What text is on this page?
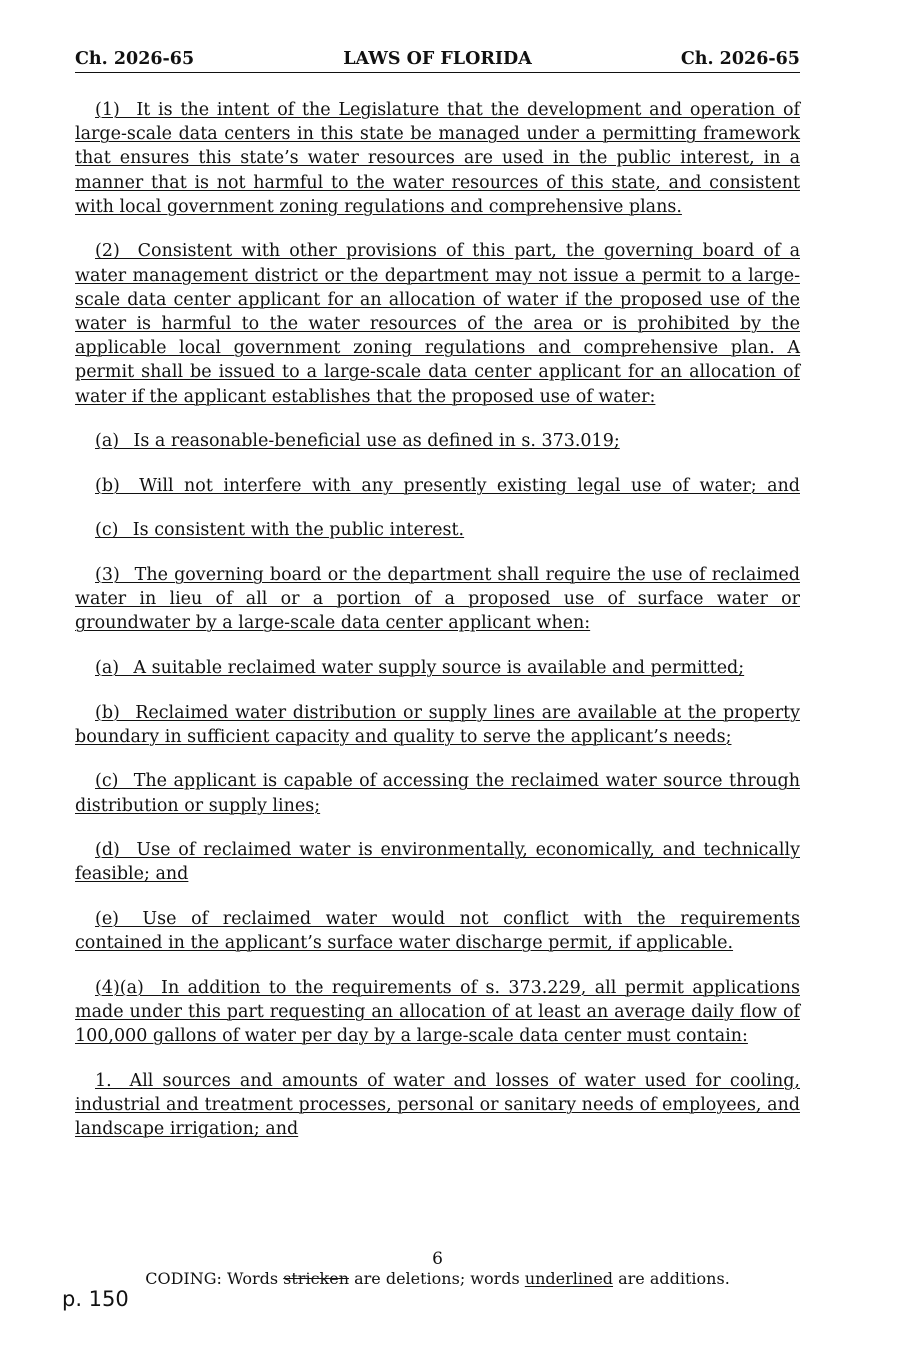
Ch. 2026-65	LAWS OF FLORIDA	Ch. 2026-65

(1)  It is the intent of the Legislature that the development and operation of large-scale data centers in this state be managed under a permitting framework that ensures this state’s water resources are used in the public interest, in a manner that is not harmful to the water resources of this state, and consistent with local government zoning regulations and comprehensive plans.

(2)  Consistent with other provisions of this part, the governing board of a water management district or the department may not issue a permit to a large-scale data center applicant for an allocation of water if the proposed use of the water is harmful to the water resources of the area or is prohibited by the applicable local government zoning regulations and comprehensive plan. A permit shall be issued to a large-scale data center applicant for an allocation of water if the applicant establishes that the proposed use of water:

(a)  Is a reasonable-beneficial use as defined in s. 373.019;

(b)  Will not interfere with any presently existing legal use of water; and

(c)  Is consistent with the public interest.

(3)  The governing board or the department shall require the use of reclaimed water in lieu of all or a portion of a proposed use of surface water or groundwater by a large-scale data center applicant when:

(a)  A suitable reclaimed water supply source is available and permitted;

(b)  Reclaimed water distribution or supply lines are available at the property boundary in sufficient capacity and quality to serve the applicant’s needs;

(c)  The applicant is capable of accessing the reclaimed water source through distribution or supply lines;

(d)  Use of reclaimed water is environmentally, economically, and technically feasible; and

(e)  Use of reclaimed water would not conflict with the requirements contained in the applicant’s surface water discharge permit, if applicable.

(4)(a)  In addition to the requirements of s. 373.229, all permit applications made under this part requesting an allocation of at least an average daily flow of 100,000 gallons of water per day by a large-scale data center must contain:

1.  All sources and amounts of water and losses of water used for cooling, industrial and treatment processes, personal or sanitary needs of employees, and landscape irrigation; and

6
CODING: Words stricken are deletions; words underlined are additions.
p. 150
